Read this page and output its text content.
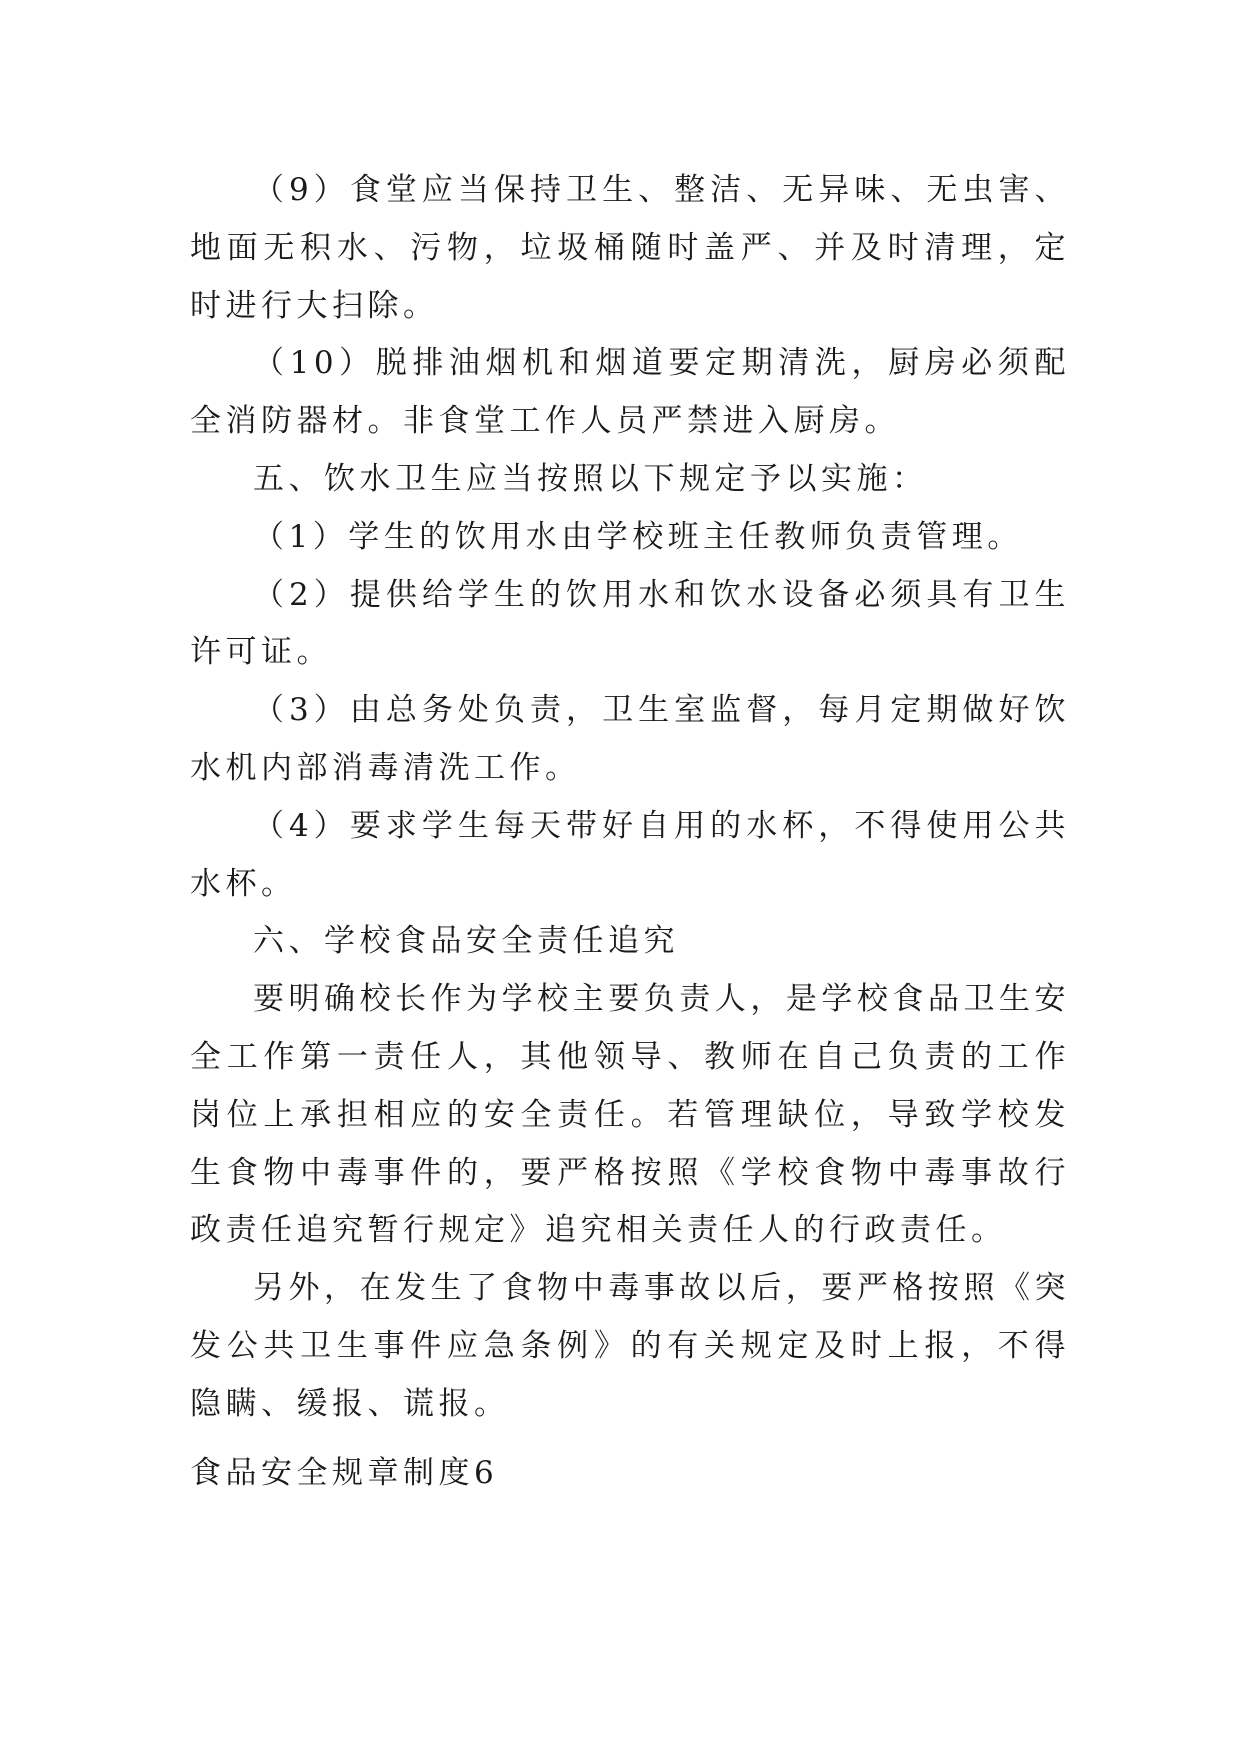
（9）食堂应当保持卫生、整洁、无异味、无虫害、地面无积水、污物，垃圾桶随时盖严、并及时清理，定时进行大扫除。

（10）脱排油烟机和烟道要定期清洗，厨房必须配全消防器材。非食堂工作人员严禁进入厨房。

五、饮水卫生应当按照以下规定予以实施：

（1）学生的饮用水由学校班主任教师负责管理。

（2）提供给学生的饮用水和饮水设备必须具有卫生许可证。

（3）由总务处负责，卫生室监督，每月定期做好饮水机内部消毒清洗工作。

（4）要求学生每天带好自用的水杯，不得使用公共水杯。

六、学校食品安全责任追究

要明确校长作为学校主要负责人，是学校食品卫生安全工作第一责任人，其他领导、教师在自己负责的工作岗位上承担相应的安全责任。若管理缺位，导致学校发生食物中毒事件的，要严格按照《学校食物中毒事故行政责任追究暂行规定》追究相关责任人的行政责任。

另外，在发生了食物中毒事故以后，要严格按照《突发公共卫生事件应急条例》的有关规定及时上报，不得隐瞒、缓报、谎报。

食品安全规章制度6
